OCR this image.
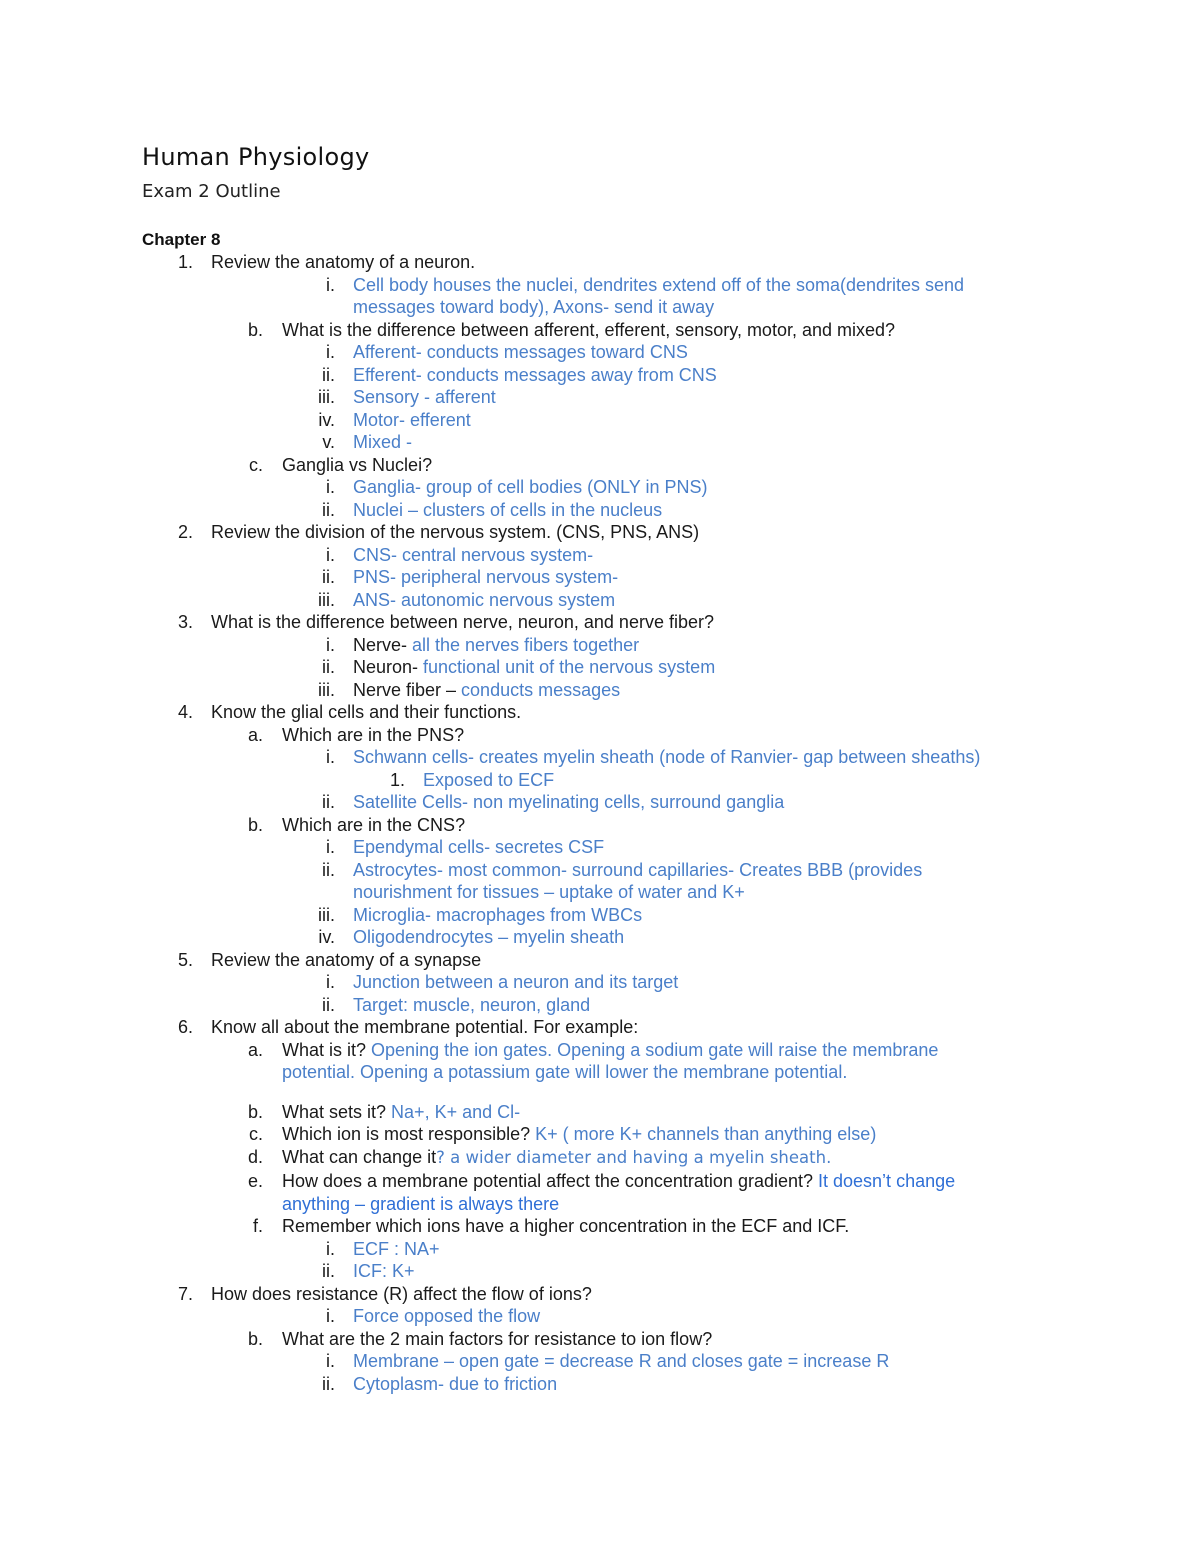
Human Physiology
Exam 2 Outline
Chapter 8
1. Review the anatomy of a neuron.
i. Cell body houses the nuclei, dendrites extend off of the soma(dendrites send
messages toward body), Axons- send it away
b. What is the difference between afferent, efferent, sensory, motor, and mixed?
i. Afferent- conducts messages toward CNS
ii. Efferent- conducts messages away from CNS
iii. Sensory - afferent
iv. Motor- efferent
v. Mixed -
c. Ganglia vs Nuclei?
i. Ganglia- group of cell bodies (ONLY in PNS)
ii. Nuclei – clusters of cells in the nucleus
2. Review the division of the nervous system. (CNS, PNS, ANS)
i. CNS- central nervous system-
ii. PNS- peripheral nervous system-
iii. ANS- autonomic nervous system
3. What is the difference between nerve, neuron, and nerve fiber?
i. Nerve- all the nerves fibers together
ii. Neuron- functional unit of the nervous system
iii. Nerve fiber – conducts messages
4. Know the glial cells and their functions.
a. Which are in the PNS?
i. Schwann cells- creates myelin sheath (node of Ranvier- gap between sheaths)
1. Exposed to ECF
ii. Satellite Cells- non myelinating cells, surround ganglia
b. Which are in the CNS?
i. Ependymal cells- secretes CSF
ii. Astrocytes- most common- surround capillaries- Creates BBB (provides
nourishment for tissues – uptake of water and K+
iii. Microglia- macrophages from WBCs
iv. Oligodendrocytes – myelin sheath
5. Review the anatomy of a synapse
i. Junction between a neuron and its target
ii. Target: muscle, neuron, gland
6. Know all about the membrane potential. For example:
a. What is it? Opening the ion gates. Opening a sodium gate will raise the membrane
potential. Opening a potassium gate will lower the membrane potential.
b. What sets it? Na+, K+ and Cl-
c. Which ion is most responsible? K+ ( more K+ channels than anything else)
d. What can change it? a wider diameter and having a myelin sheath.
e. How does a membrane potential affect the concentration gradient? It doesn’t change
anything – gradient is always there
f. Remember which ions have a higher concentration in the ECF and ICF.
i. ECF : NA+
ii. ICF: K+
7. How does resistance (R) affect the flow of ions?
i. Force opposed the flow
b. What are the 2 main factors for resistance to ion flow?
i. Membrane – open gate = decrease R and closes gate = increase R
ii. Cytoplasm- due to friction
